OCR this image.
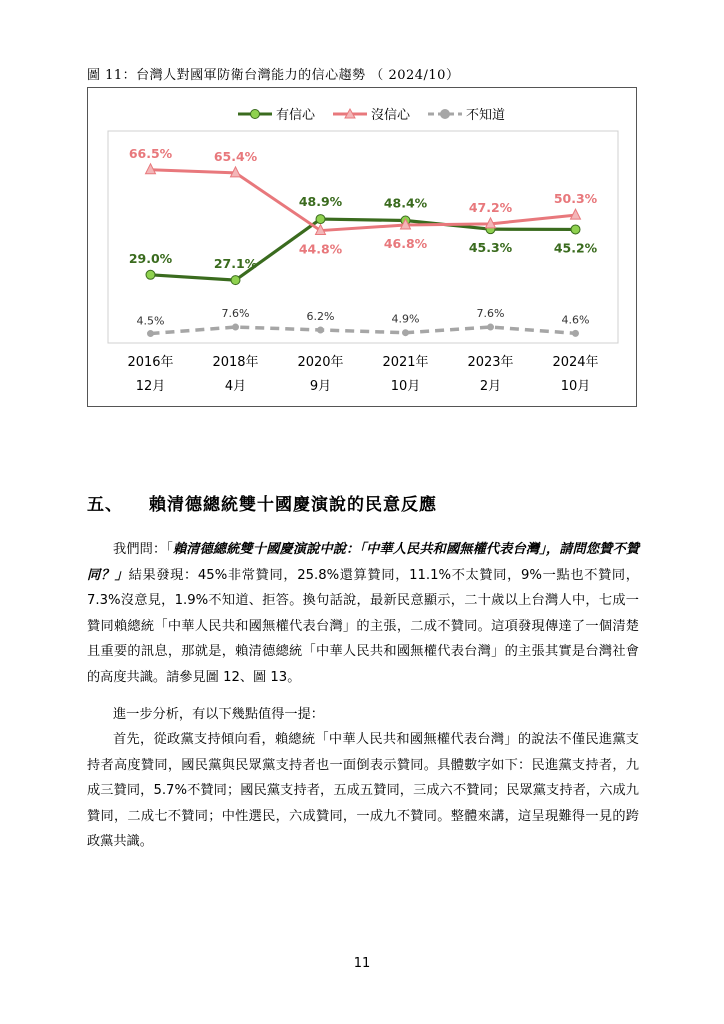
圖 11：台灣人對國軍防衛台灣能力的信心趨勢 （ 2024/10）
有信心	沒信心	不知道
29.0%	27.1%
48.9%	48.4%
45.3%	45.2%
66.5%	65.4%
44.8%	46.8%
47.2%
50.3%
4.5%
7.6%	6.2%	4.9%	7.6%	4.6%
2016年
12月
2018年
4月
2020年
9月
2021年
10月
2023年
2月
2024年
10月
五、 賴清德總統雙十國慶演說的民意反應

我們問：「賴清德總統雙十國慶演說中說：「中華人民共和國無權代表台灣」，請問您贊不贊同？」結果發現：45%非常贊同，25.8%還算贊同，11.1%不太贊同，9%一點也不贊同，7.3%沒意見，1.9%不知道、拒答。換句話說，最新民意顯示，二十歲以上台灣人中，七成一贊同賴總統「中華人民共和國無權代表台灣」的主張，二成不贊同。這項發現傳達了一個清楚且重要的訊息，那就是，賴清德總統「中華人民共和國無權代表台灣」的主張其實是台灣社會的高度共識。請參見圖 12、圖 13。

進一步分析，有以下幾點值得一提：

首先，從政黨支持傾向看，賴總統「中華人民共和國無權代表台灣」的說法不僅民進黨支持者高度贊同，國民黨與民眾黨支持者也一面倒表示贊同。具體數字如下：民進黨支持者，九成三贊同，5.7%不贊同；國民黨支持者，五成五贊同，三成六不贊同；民眾黨支持者，六成九贊同，二成七不贊同；中性選民，六成贊同，一成九不贊同。整體來講，這呈現難得一見的跨政黨共識。

11
